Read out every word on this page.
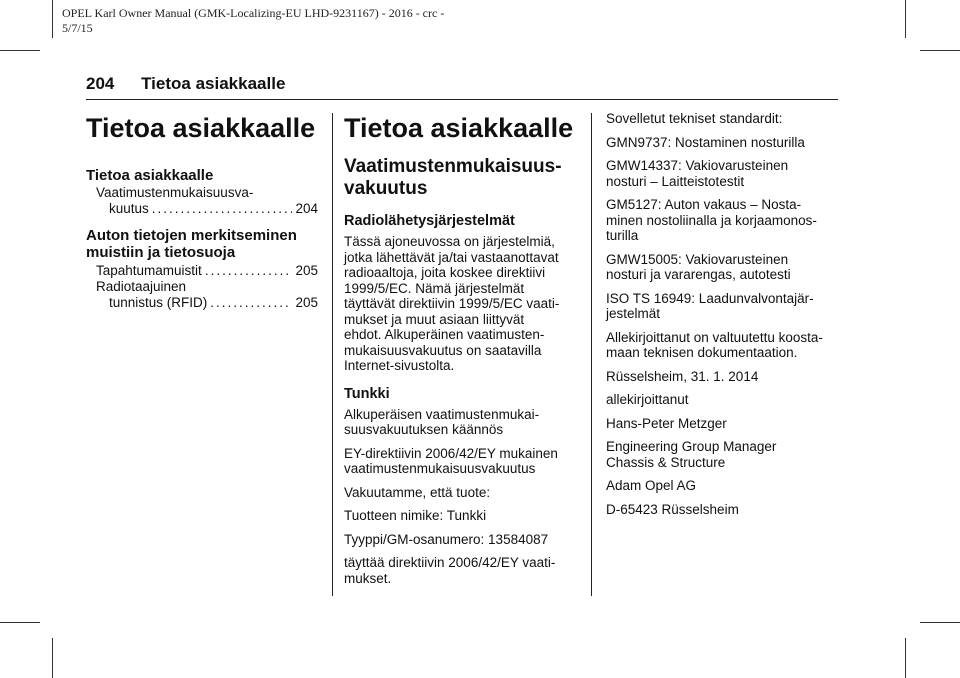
OPEL Karl Owner Manual (GMK-Localizing-EU LHD-9231167) - 2016 - crc -
5/7/15
204 Tietoa asiakkaalle
Tietoa asiakkaalle
Tietoa asiakkaalle
Vaatimustenmukaisuusva-
kuutus .....	204
Auton tietojen merkitseminen
muistiin ja tietosuoja
Tapahtumamuistit .....	205
Radiotaajuinen
tunnistus (RFID) .....	205
Tietoa asiakkaalle
Vaatimustenmukaisuus-
vakuutus
Radiolähetysjärjestelmät
Tässä ajoneuvossa on järjestelmiä,
jotka lähettävät ja/tai vastaanottavat
radioaaltoja, joita koskee direktiivi
1999/5/EC. Nämä järjestelmät
täyttävät direktiivin 1999/5/EC vaati-
mukset ja muut asiaan liittyvät
ehdot. Alkuperäinen vaatimusten-
mukaisuusvakuutus on saatavilla
Internet-sivustolta.
Tunkki
Alkuperäisen vaatimustenmukai-
suusvakuutuksen käännös
EY-direktiivin 2006/42/EY mukainen
vaatimustenmukaisuusvakuutus
Vakuutamme, että tuote:
Tuotteen nimike: Tunkki
Tyyppi/GM-osanumero: 13584087
täyttää direktiivin 2006/42/EY vaati-
mukset.
Sovelletut tekniset standardit:
GMN9737: Nostaminen nosturilla
GMW14337: Vakiovarusteinen
nosturi – Laitteistotestit
GM5127: Auton vakaus – Nosta-
minen nostoliinalla ja korjaamonos-
turilla
GMW15005: Vakiovarusteinen
nosturi ja vararengas, autotesti
ISO TS 16949: Laadunvalvontajär-
jestelmät
Allekirjoittanut on valtuutettu koosta-
maan teknisen dokumentaation.
Rüsselsheim, 31. 1. 2014
allekirjoittanut
Hans-Peter Metzger
Engineering Group Manager
Chassis & Structure
Adam Opel AG
D-65423 Rüsselsheim
